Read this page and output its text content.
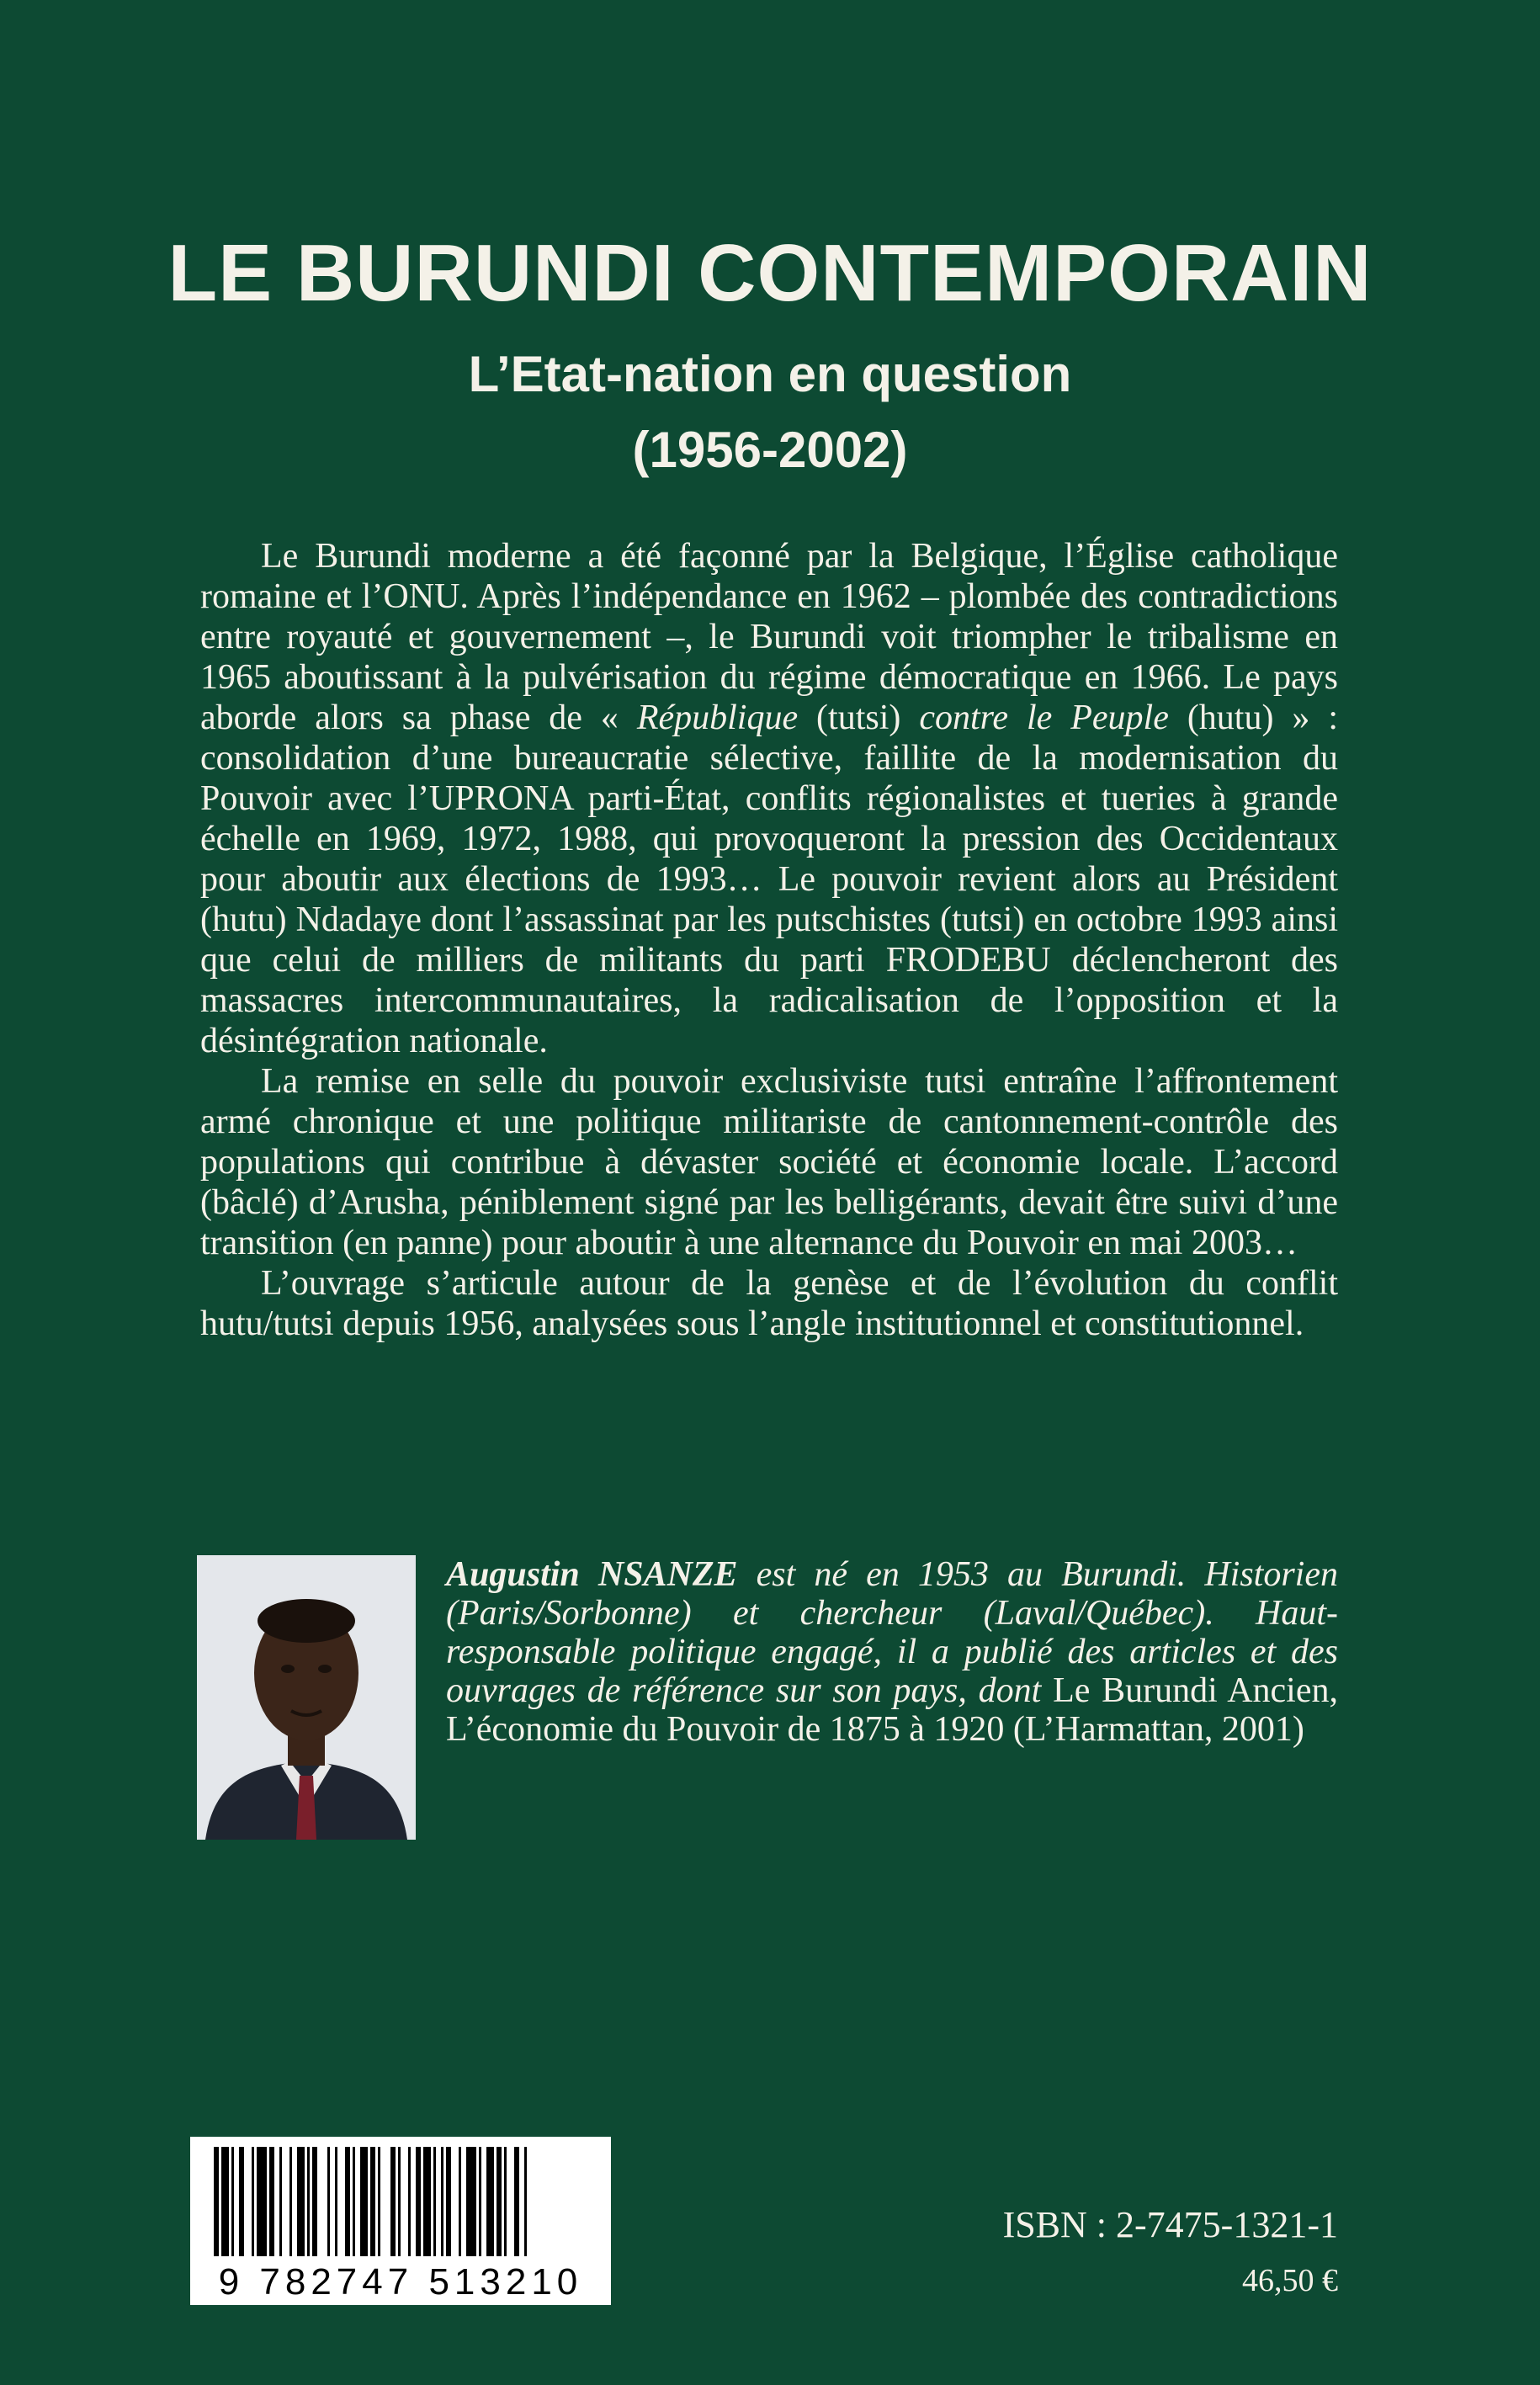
LE BURUNDI CONTEMPORAIN
L’Etat-nation en question
(1956-2002)

Le Burundi moderne a été façonné par la Belgique, l’Église catholique romaine et l’ONU. Après l’indépendance en 1962 – plombée des contradictions entre royauté et gouvernement –, le Burundi voit triompher le tribalisme en 1965 aboutissant à la pulvérisation du régime démocratique en 1966. Le pays aborde alors sa phase de « République (tutsi) contre le Peuple (hutu) » : consolidation d’une bureaucratie sélective, faillite de la modernisation du Pouvoir avec l’UPRONA parti-État, conflits régionalistes et tueries à grande échelle en 1969, 1972, 1988, qui provoqueront la pression des Occidentaux pour aboutir aux élections de 1993… Le pouvoir revient alors au Président (hutu) Ndadaye dont l’assassinat par les putschistes (tutsi) en octobre 1993 ainsi que celui de milliers de militants du parti FRODEBU déclencheront des massacres intercommunautaires, la radicalisation de l’opposition et la désintégration nationale.

La remise en selle du pouvoir exclusiviste tutsi entraîne l’affrontement armé chronique et une politique militariste de cantonnement-contrôle des populations qui contribue à dévaster société et économie locale. L’accord (bâclé) d’Arusha, péniblement signé par les belligérants, devait être suivi d’une transition (en panne) pour aboutir à une alternance du Pouvoir en mai 2003…

L’ouvrage s’articule autour de la genèse et de l’évolution du conflit hutu/tutsi depuis 1956, analysées sous l’angle institutionnel et constitutionnel.

Augustin NSANZE est né en 1953 au Burundi. Historien (Paris/Sorbonne) et chercheur (Laval/Québec). Haut-responsable politique engagé, il a publié des articles et des ouvrages de référence sur son pays, dont Le Burundi Ancien, L’économie du Pouvoir de 1875 à 1920 (L’Harmattan, 2001)
9 782747 513210
ISBN : 2-7475-1321-1
46,50 €
